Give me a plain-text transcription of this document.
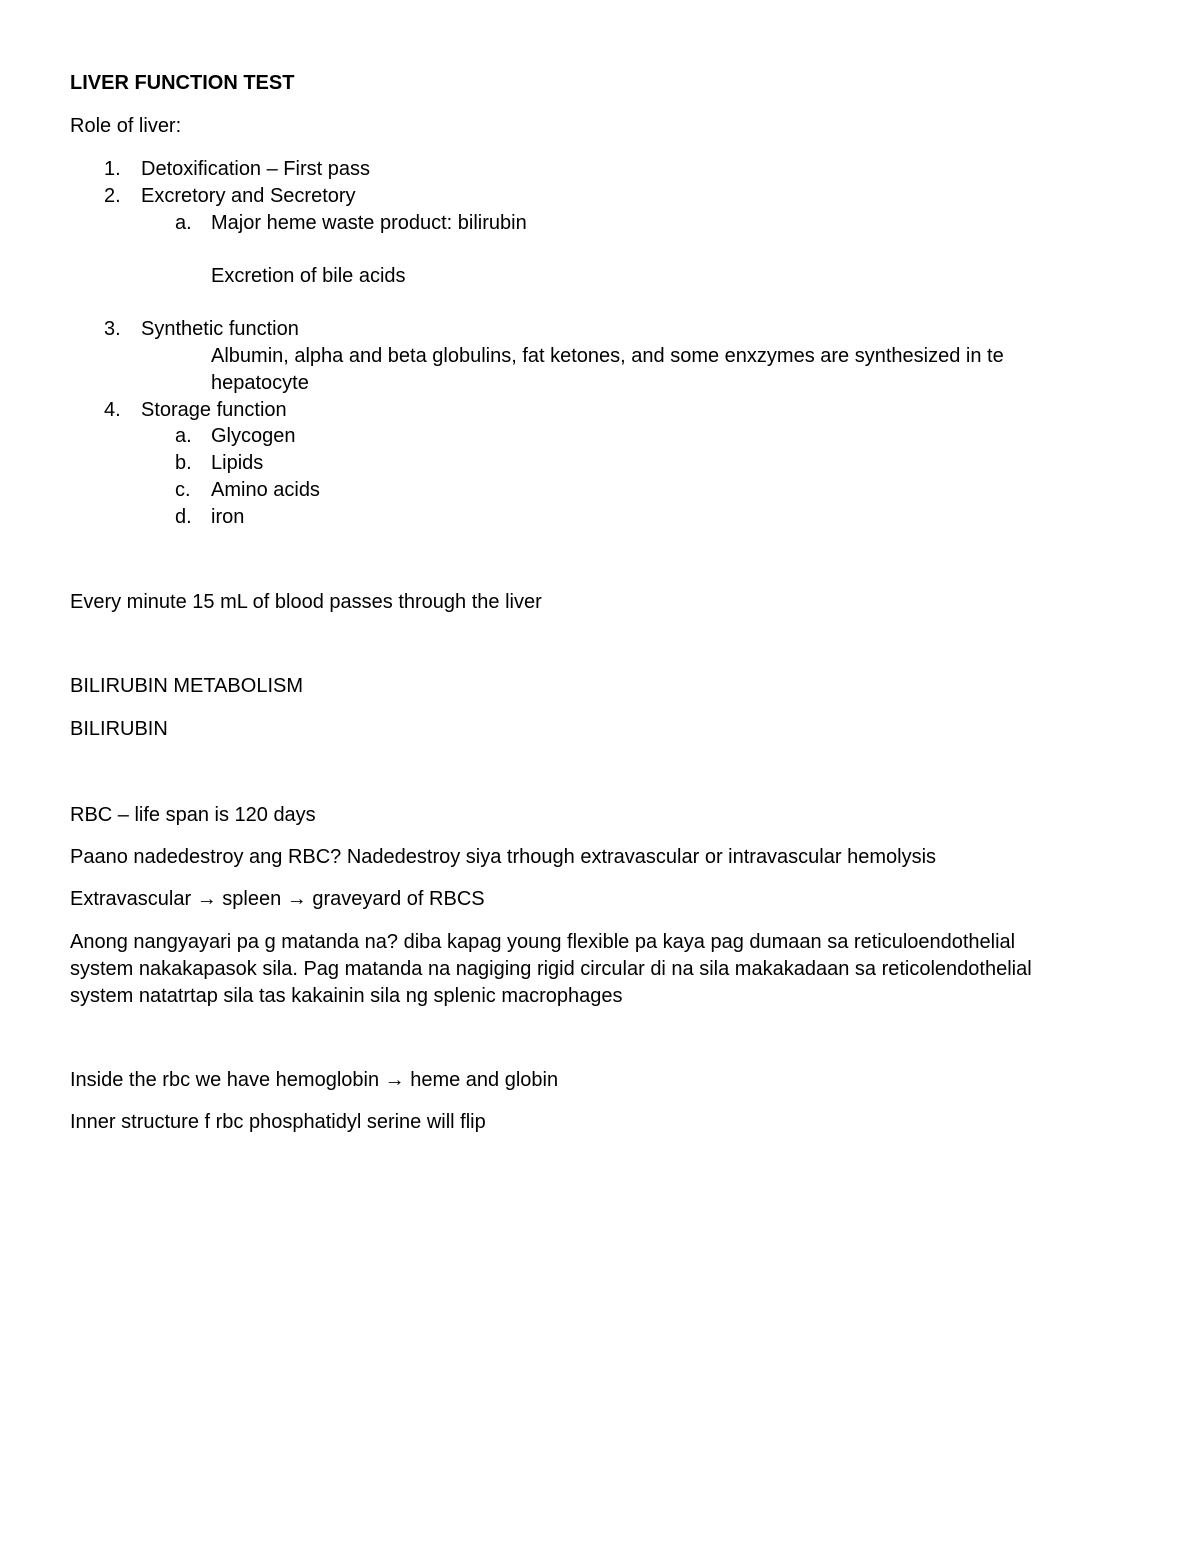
LIVER FUNCTION TEST
Role of liver:
1. Detoxification – First pass
2. Excretory and Secretory
a. Major heme waste product: bilirubin
Excretion of bile acids
3. Synthetic function
Albumin, alpha and beta globulins, fat ketones, and some enxzymes are synthesized in te
hepatocyte
4. Storage function
a. Glycogen
b. Lipids
c. Amino acids
d. iron
Every minute 15 mL of blood passes through the liver
BILIRUBIN METABOLISM
BILIRUBIN
RBC – life span is 120 days
Paano nadedestroy ang RBC? Nadedestroy siya trhough extravascular or intravascular hemolysis
Extravascular → spleen → graveyard of RBCS
Anong nangyayari pa g matanda na? diba kapag young flexible pa kaya pag dumaan sa reticuloendothelial
system nakakapasok sila. Pag matanda na nagiging rigid circular di na sila makakadaan sa reticolendothelial
system natatrtap sila tas kakainin sila ng splenic macrophages
Inside the rbc we have hemoglobin → heme and globin
Inner structure f rbc phosphatidyl serine will flip
